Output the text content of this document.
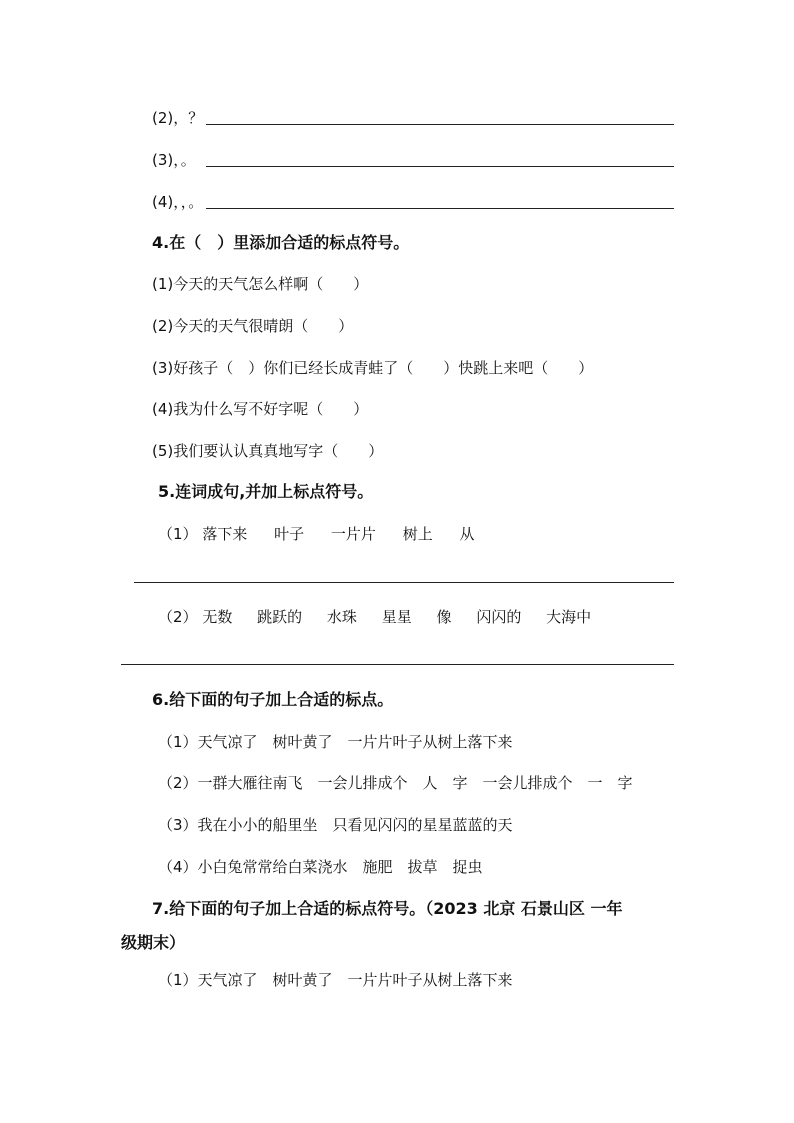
(2)，？
(3)，。
(4)，，。
4.在（　）里添加合适的标点符号。
(1)今天的天气怎么样啊（　　）
(2)今天的天气很晴朗（　　）
(3)好孩子（　）你们已经长成青蛙了（　　）快跳上来吧（　　）
(4)我为什么写不好字呢（　　）
(5)我们要认认真真地写字（　　）
5.连词成句,并加上标点符号。
（1） 落下来 叶子 一片片 树上 从
（2） 无数 跳跃的 水珠 星星 像 闪闪的 大海中
6.给下面的句子加上合适的标点。
（1）天气凉了　树叶黄了　一片片叶子从树上落下来
（2）一群大雁往南飞　一会儿排成个　人　字　一会儿排成个　一　字
（3）我在小小的船里坐　只看见闪闪的星星蓝蓝的天
（4）小白兔常常给白菜浇水　施肥　拔草　捉虫
7.给下面的句子加上合适的标点符号。（2023 北京 石景山区 一年
级期末）
（1）天气凉了　树叶黄了　一片片叶子从树上落下来
